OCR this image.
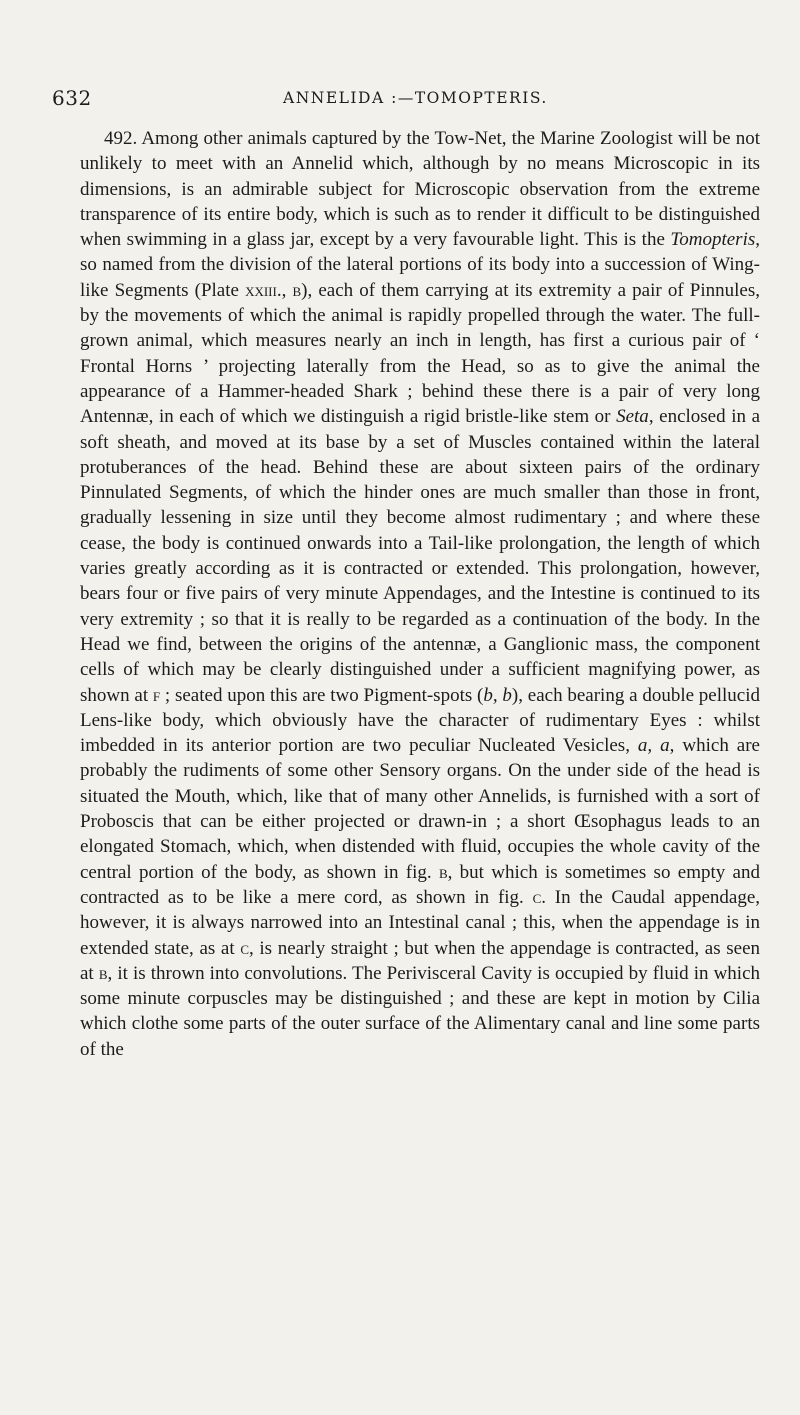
632	ANNELIDA :—TOMOPTERIS.

492. Among other animals captured by the Tow-Net, the Marine Zoologist will be not unlikely to meet with an Annelid which, although by no means Microscopic in its dimensions, is an admirable subject for Microscopic observation from the extreme transparence of its entire body, which is such as to render it difficult to be distinguished when swimming in a glass jar, except by a very favourable light. This is the Tomopteris, so named from the division of the lateral portions of its body into a succession of Wing-like Segments (Plate xxiii., b), each of them carrying at its extremity a pair of Pinnules, by the movements of which the animal is rapidly propelled through the water. The full-grown animal, which measures nearly an inch in length, has first a curious pair of ‘ Frontal Horns ’ projecting laterally from the Head, so as to give the animal the appearance of a Hammer-headed Shark ; behind these there is a pair of very long Antennæ, in each of which we distinguish a rigid bristle-like stem or Seta, enclosed in a soft sheath, and moved at its base by a set of Muscles contained within the lateral protuberances of the head. Behind these are about sixteen pairs of the ordinary Pinnulated Segments, of which the hinder ones are much smaller than those in front, gradually lessening in size until they become almost rudimentary ; and where these cease, the body is continued onwards into a Tail-like prolongation, the length of which varies greatly according as it is contracted or extended. This prolongation, however, bears four or five pairs of very minute Appendages, and the Intestine is continued to its very extremity ; so that it is really to be regarded as a continuation of the body. In the Head we find, between the origins of the antennæ, a Ganglionic mass, the component cells of which may be clearly distinguished under a sufficient magnifying power, as shown at f ; seated upon this are two Pigment-spots (b, b), each bearing a double pellucid Lens-like body, which obviously have the character of rudimentary Eyes : whilst imbedded in its anterior portion are two peculiar Nucleated Vesicles, a, a, which are probably the rudiments of some other Sensory organs. On the under side of the head is situated the Mouth, which, like that of many other Annelids, is furnished with a sort of Proboscis that can be either projected or drawn-in ; a short Œsophagus leads to an elongated Stomach, which, when distended with fluid, occupies the whole cavity of the central portion of the body, as shown in fig. b, but which is sometimes so empty and contracted as to be like a mere cord, as shown in fig. c. In the Caudal appendage, however, it is always narrowed into an Intestinal canal ; this, when the appendage is in extended state, as at c, is nearly straight ; but when the appendage is contracted, as seen at b, it is thrown into convolutions. The Perivisceral Cavity is occupied by fluid in which some minute corpuscles may be distinguished ; and these are kept in motion by Cilia which clothe some parts of the outer surface of the Alimentary canal and line some parts of the
